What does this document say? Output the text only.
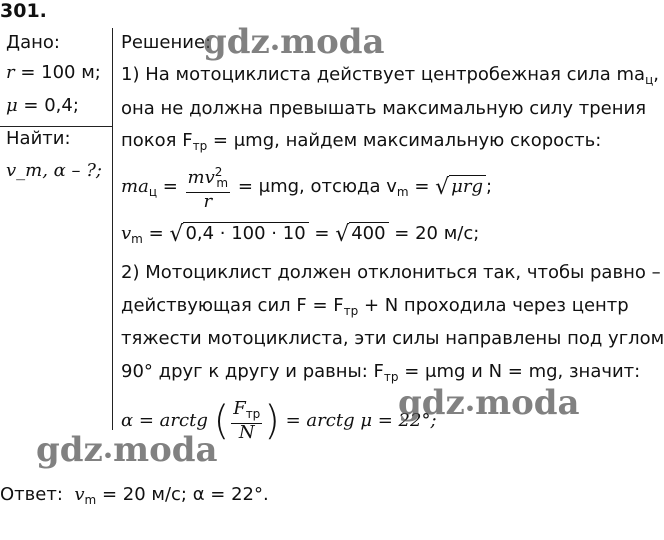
301.
Дано:
r = 100 м;
μ = 0,4;
Найти:
v_m, α – ?;
Решение:
1) На мотоциклиста действует центробежная сила $ma_ц$,
она не должна превышать максимальную силу трения
покоя $F_{тр} = \mu mg$, найдем максимальную скорость:
$ma_ц = \frac{mv^2_m}{r} = \mu mg$, отсюда $v_m$ = √ μrg ;
$v_m$ = √ 0,4 · 100 · 10 = √ 400 = 20 м/с;
2) Мотоциклист должен отклониться так, чтобы равно –
действующая сил $F = F_{тр} + N$ проходила через центр
тяжести мотоциклиста, эти силы направлены под углом
90° друг к другу и равны: $F_{тр} = \mu mg$ и N = mg, значит:
α = arctg ( $\frac{F_{тр}}{N}$ ) = arctg μ = 22°;
Ответ: $v_m = 20$ м/с; α = 22°.
gdz•moda
gdz•moda
gdz•moda
